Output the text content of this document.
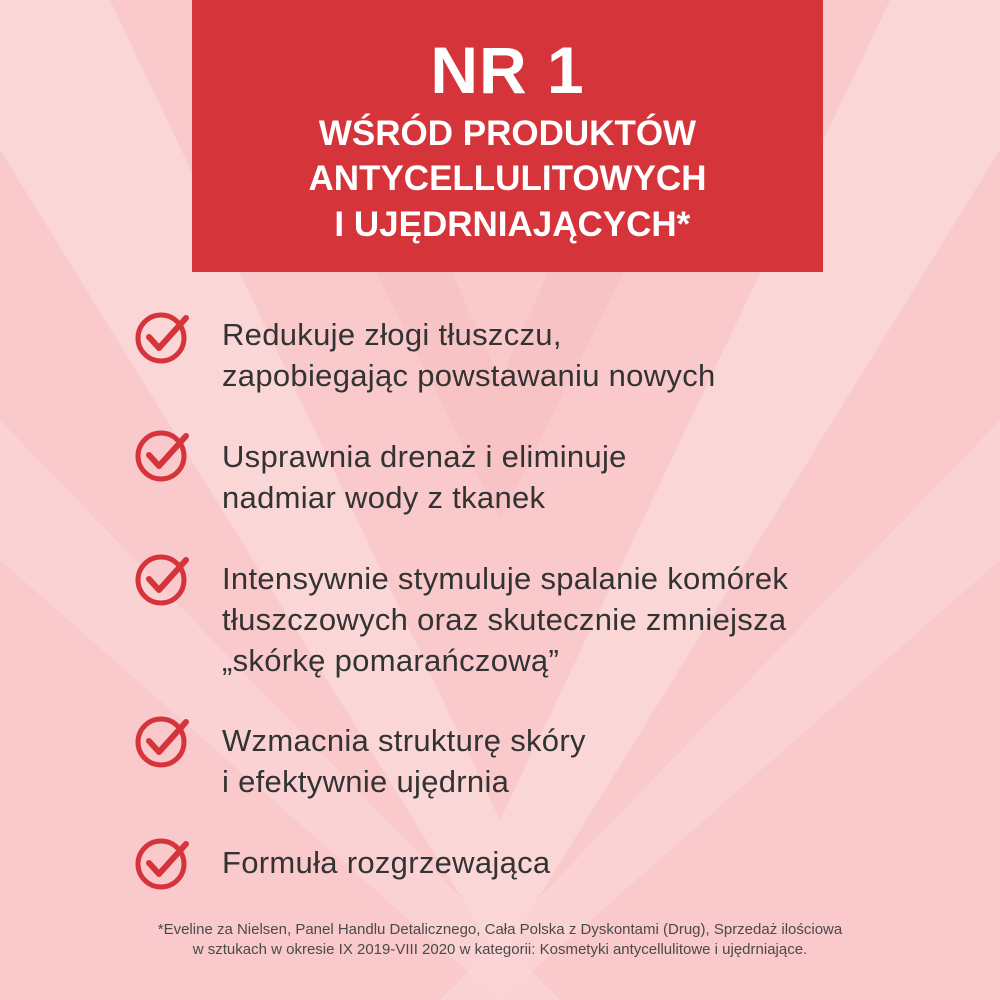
NR 1
WŚRÓD PRODUKTÓW
ANTYCELLULITOWYCH
I UJĘDRNIAJĄCYCH*
Redukuje złogi tłuszczu,
zapobiegając powstawaniu nowych
Usprawnia drenaż i eliminuje
nadmiar wody z tkanek
Intensywnie stymuluje spalanie komórek
tłuszczowych oraz skutecznie zmniejsza
„skórkę pomarańczową”
Wzmacnia strukturę skóry
i efektywnie ujędrnia
Formuła rozgrzewająca
*Eveline za Nielsen, Panel Handlu Detalicznego, Cała Polska z Dyskontami (Drug), Sprzedaż ilościowa
w sztukach w okresie IX 2019-VIII 2020 w kategorii: Kosmetyki antycellulitowe i ujędrniające.
